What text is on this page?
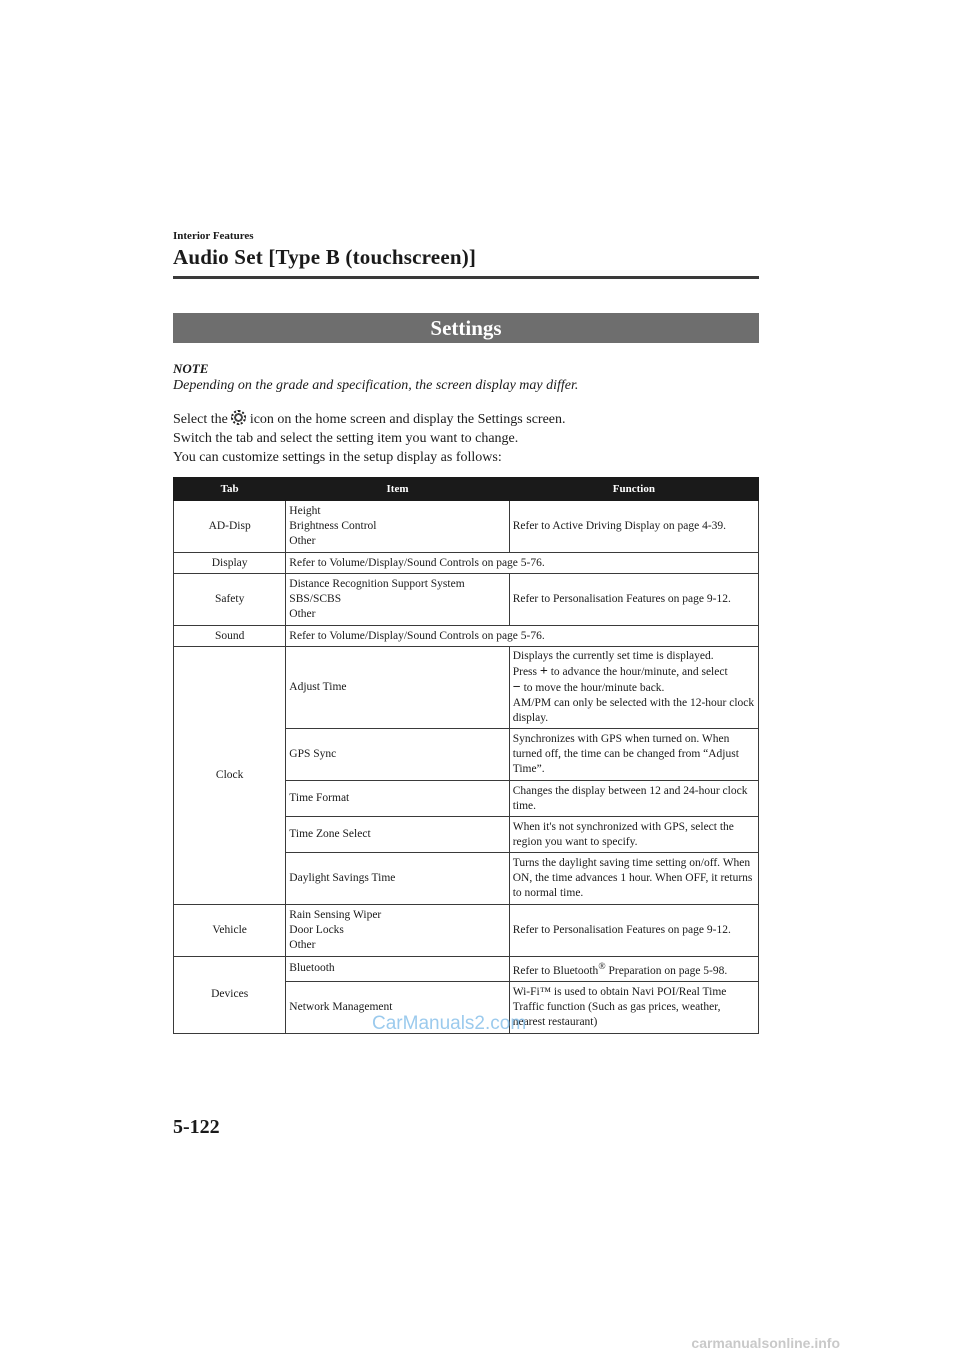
Interior Features
Audio Set [Type B (touchscreen)]
Settings
NOTE
Depending on the grade and specification, the screen display may differ.

Select the icon on the home screen and display the Settings screen.

Switch the tab and select the setting item you want to change.

You can customize settings in the setup display as follows:

Tab	Item	Function
AD-Disp	Height
Brightness Control
Other	Refer to Active Driving Display on page 4-39.
Display	Refer to Volume/Display/Sound Controls on page 5-76.	
Safety	Distance Recognition Support System
SBS/SCBS
Other	Refer to Personalisation Features on page 9-12.
Sound	Refer to Volume/Display/Sound Controls on page 5-76.	
Clock	Adjust Time	Displays the currently set time is displayed.
Press + to advance the hour/minute, and select
− to move the hour/minute back.
AM/PM can only be selected with the 12-hour clock display.

	GPS Sync	Synchronizes with GPS when turned on. When turned off, the time can be changed from “Adjust Time”.
	Time Format	Changes the display between 12 and 24-hour clock time.
	Time Zone Select	When it's not synchronized with GPS, select the region you want to specify.
	Daylight Savings Time	Turns the daylight saving time setting on/off. When ON, the time advances 1 hour. When OFF, it returns to normal time.
Vehicle	Rain Sensing Wiper
Door Locks
Other	Refer to Personalisation Features on page 9-12.
Devices	Bluetooth	Refer to Bluetooth® Preparation on page 5-98.
	Network Management	Wi-Fi™ is used to obtain Navi POI/Real Time Traffic function (Such as gas prices, weather, nearest restaurant)
CarManuals2.com
5-122
carmanualsonline.info
